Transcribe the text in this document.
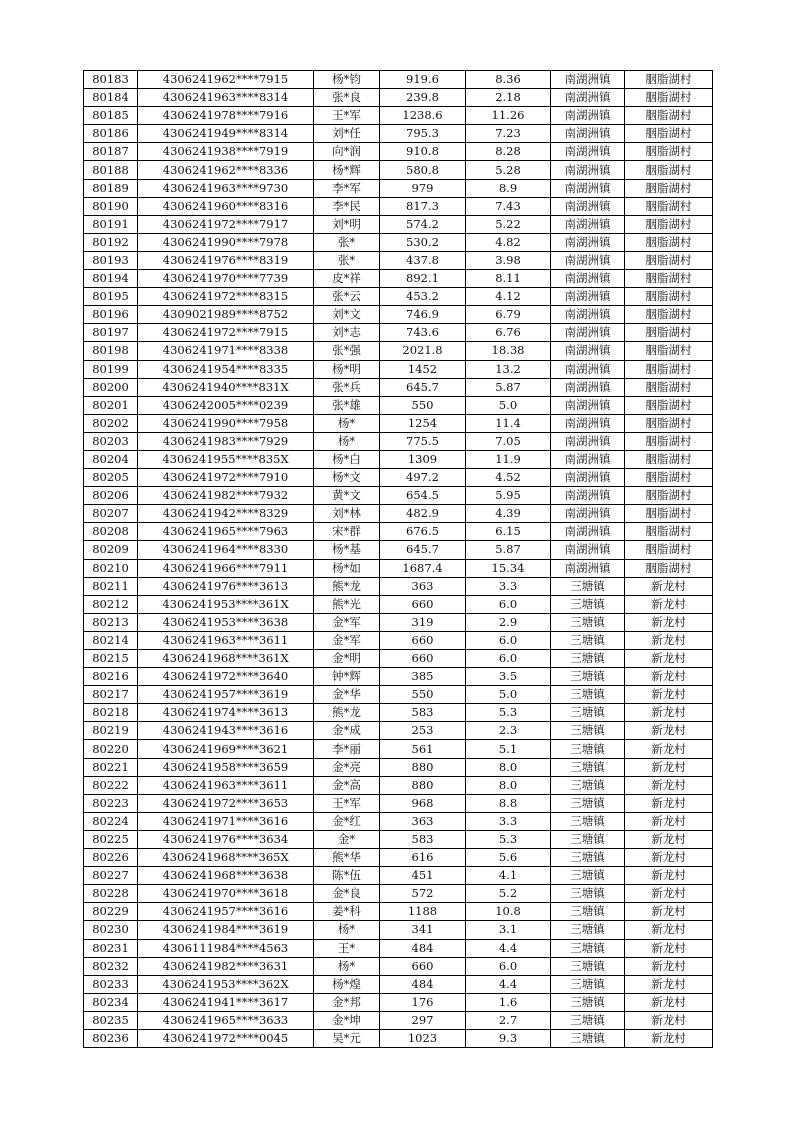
80183	4306241962****7915	杨*钧	919.6	8.36	南湖洲镇	胭脂湖村
80184	4306241963****8314	张*良	239.8	2.18	南湖洲镇	胭脂湖村
80185	4306241978****7916	王*军	1238.6	11.26	南湖洲镇	胭脂湖村
80186	4306241949****8314	刘*任	795.3	7.23	南湖洲镇	胭脂湖村
80187	4306241938****7919	向*润	910.8	8.28	南湖洲镇	胭脂湖村
80188	4306241962****8336	杨*辉	580.8	5.28	南湖洲镇	胭脂湖村
80189	4306241963****9730	李*军	979	8.9	南湖洲镇	胭脂湖村
80190	4306241960****8316	李*民	817.3	7.43	南湖洲镇	胭脂湖村
80191	4306241972****7917	刘*明	574.2	5.22	南湖洲镇	胭脂湖村
80192	4306241990****7978	张*	530.2	4.82	南湖洲镇	胭脂湖村
80193	4306241976****8319	张*	437.8	3.98	南湖洲镇	胭脂湖村
80194	4306241970****7739	皮*祥	892.1	8.11	南湖洲镇	胭脂湖村
80195	4306241972****8315	张*云	453.2	4.12	南湖洲镇	胭脂湖村
80196	4309021989****8752	刘*文	746.9	6.79	南湖洲镇	胭脂湖村
80197	4306241972****7915	刘*志	743.6	6.76	南湖洲镇	胭脂湖村
80198	4306241971****8338	张*强	2021.8	18.38	南湖洲镇	胭脂湖村
80199	4306241954****8335	杨*明	1452	13.2	南湖洲镇	胭脂湖村
80200	4306241940****831X	张*兵	645.7	5.87	南湖洲镇	胭脂湖村
80201	4306242005****0239	张*雄	550	5.0	南湖洲镇	胭脂湖村
80202	4306241990****7958	杨*	1254	11.4	南湖洲镇	胭脂湖村
80203	4306241983****7929	杨*	775.5	7.05	南湖洲镇	胭脂湖村
80204	4306241955****835X	杨*白	1309	11.9	南湖洲镇	胭脂湖村
80205	4306241972****7910	杨*文	497.2	4.52	南湖洲镇	胭脂湖村
80206	4306241982****7932	黄*文	654.5	5.95	南湖洲镇	胭脂湖村
80207	4306241942****8329	刘*林	482.9	4.39	南湖洲镇	胭脂湖村
80208	4306241965****7963	宋*群	676.5	6.15	南湖洲镇	胭脂湖村
80209	4306241964****8330	杨*基	645.7	5.87	南湖洲镇	胭脂湖村
80210	4306241966****7911	杨*如	1687.4	15.34	南湖洲镇	胭脂湖村
80211	4306241976****3613	熊*龙	363	3.3	三塘镇	新龙村
80212	4306241953****361X	熊*光	660	6.0	三塘镇	新龙村
80213	4306241953****3638	金*军	319	2.9	三塘镇	新龙村
80214	4306241963****3611	金*军	660	6.0	三塘镇	新龙村
80215	4306241968****361X	金*明	660	6.0	三塘镇	新龙村
80216	4306241972****3640	钟*辉	385	3.5	三塘镇	新龙村
80217	4306241957****3619	金*华	550	5.0	三塘镇	新龙村
80218	4306241974****3613	熊*龙	583	5.3	三塘镇	新龙村
80219	4306241943****3616	金*成	253	2.3	三塘镇	新龙村
80220	4306241969****3621	李*丽	561	5.1	三塘镇	新龙村
80221	4306241958****3659	金*亮	880	8.0	三塘镇	新龙村
80222	4306241963****3611	金*高	880	8.0	三塘镇	新龙村
80223	4306241972****3653	王*军	968	8.8	三塘镇	新龙村
80224	4306241971****3616	金*红	363	3.3	三塘镇	新龙村
80225	4306241976****3634	金*	583	5.3	三塘镇	新龙村
80226	4306241968****365X	熊*华	616	5.6	三塘镇	新龙村
80227	4306241968****3638	陈*伍	451	4.1	三塘镇	新龙村
80228	4306241970****3618	金*良	572	5.2	三塘镇	新龙村
80229	4306241957****3616	姜*科	1188	10.8	三塘镇	新龙村
80230	4306241984****3619	杨*	341	3.1	三塘镇	新龙村
80231	4306111984****4563	王*	484	4.4	三塘镇	新龙村
80232	4306241982****3631	杨*	660	6.0	三塘镇	新龙村
80233	4306241953****362X	杨*煌	484	4.4	三塘镇	新龙村
80234	4306241941****3617	金*邦	176	1.6	三塘镇	新龙村
80235	4306241965****3633	金*坤	297	2.7	三塘镇	新龙村
80236	4306241972****0045	吴*元	1023	9.3	三塘镇	新龙村
